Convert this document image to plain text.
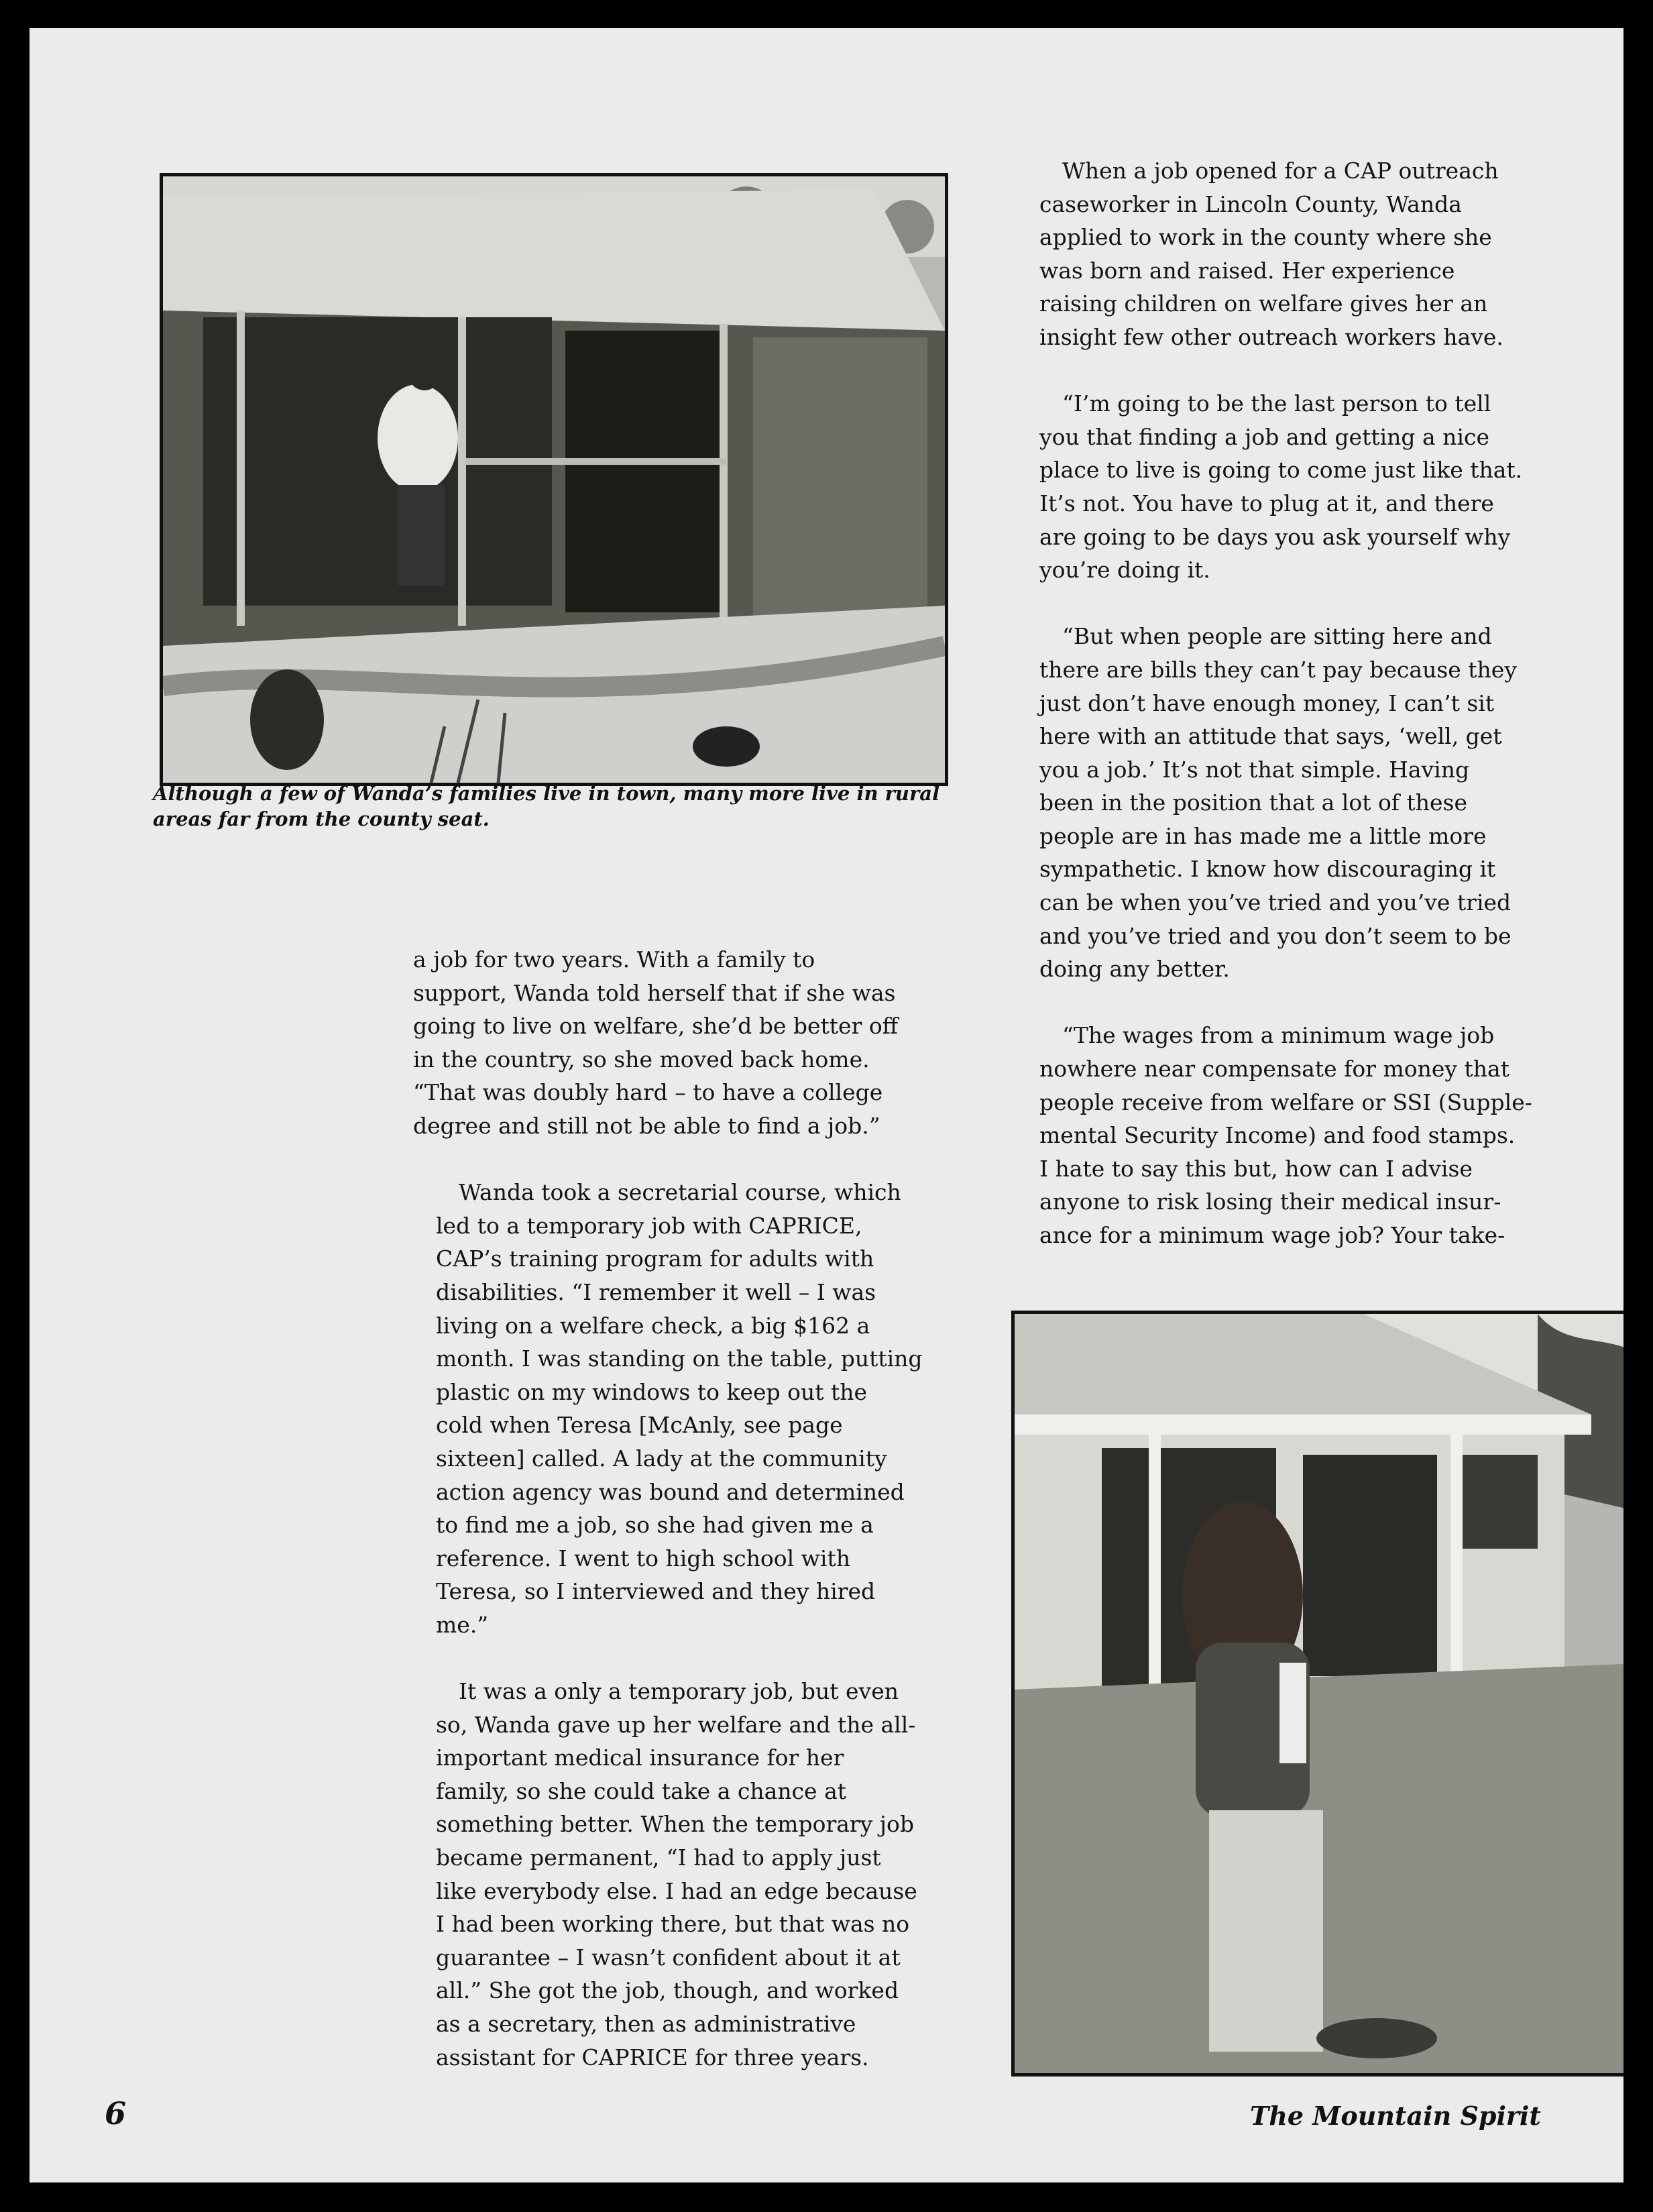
Although a few of Wanda’s families live in town, many more live in rural
areas far from the county seat.

a job for two years. With a family to
support, Wanda told herself that if she was
going to live on welfare, she’d be better off
in the country, so she moved back home.
“That was doubly hard – to have a college
degree and still not be able to find a job.”

Wanda took a secretarial course, which
led to a temporary job with CAPRICE,
CAP’s training program for adults with
disabilities. “I remember it well – I was
living on a welfare check, a big $162 a
month. I was standing on the table, putting
plastic on my windows to keep out the
cold when Teresa [McAnly, see page
sixteen] called. A lady at the community
action agency was bound and determined
to find me a job, so she had given me a
reference. I went to high school with
Teresa, so I interviewed and they hired
me.”

It was a only a temporary job, but even
so, Wanda gave up her welfare and the all-
important medical insurance for her
family, so she could take a chance at
something better. When the temporary job
became permanent, “I had to apply just
like everybody else. I had an edge because
I had been working there, but that was no
guarantee – I wasn’t confident about it at
all.” She got the job, though, and worked
as a secretary, then as administrative
assistant for CAPRICE for three years.

When a job opened for a CAP outreach
caseworker in Lincoln County, Wanda
applied to work in the county where she
was born and raised. Her experience
raising children on welfare gives her an
insight few other outreach workers have.

“I’m going to be the last person to tell
you that finding a job and getting a nice
place to live is going to come just like that.
It’s not. You have to plug at it, and there
are going to be days you ask yourself why
you’re doing it.

“But when people are sitting here and
there are bills they can’t pay because they
just don’t have enough money, I can’t sit
here with an attitude that says, ‘well, get
you a job.’ It’s not that simple. Having
been in the position that a lot of these
people are in has made me a little more
sympathetic. I know how discouraging it
can be when you’ve tried and you’ve tried
and you’ve tried and you don’t seem to be
doing any better.

“The wages from a minimum wage job
nowhere near compensate for money that
people receive from welfare or SSI (Supple-
mental Security Income) and food stamps.
I hate to say this but, how can I advise
anyone to risk losing their medical insur-
ance for a minimum wage job? Your take-

6	The Mountain Spirit
